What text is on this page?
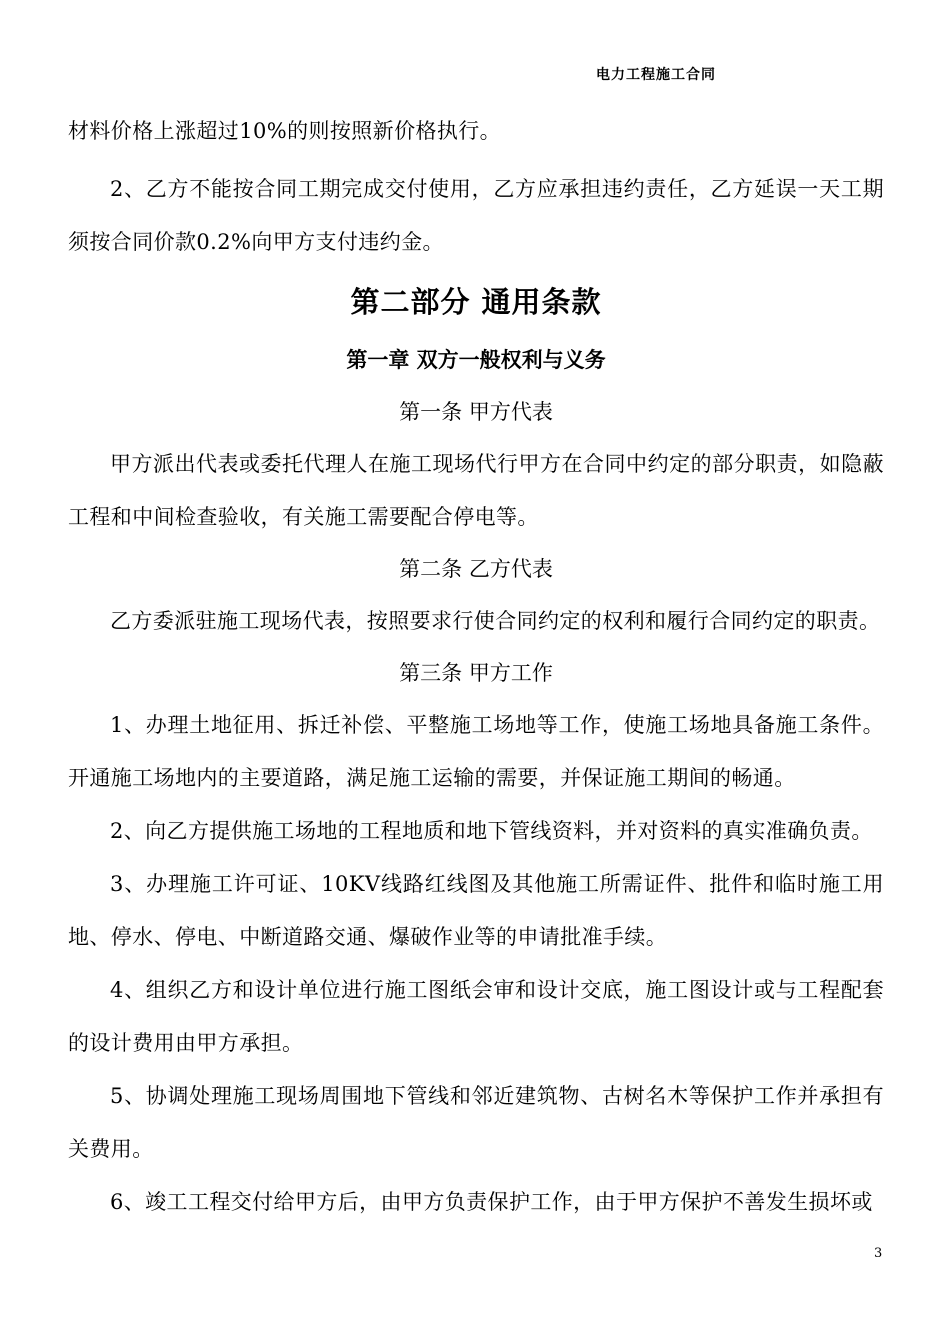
电力工程施工合同

材料价格上涨超过10%的则按照新价格执行。

2、乙方不能按合同工期完成交付使用，乙方应承担违约责任，乙方延误一天工期须按合同价款0.2%向甲方支付违约金。

第二部分 通用条款
第一章 双方一般权利与义务
第一条 甲方代表

甲方派出代表或委托代理人在施工现场代行甲方在合同中约定的部分职责，如隐蔽工程和中间检查验收，有关施工需要配合停电等。

第二条 乙方代表

乙方委派驻施工现场代表，按照要求行使合同约定的权利和履行合同约定的职责。

第三条 甲方工作

1、办理土地征用、拆迁补偿、平整施工场地等工作，使施工场地具备施工条件。开通施工场地内的主要道路，满足施工运输的需要，并保证施工期间的畅通。

2、向乙方提供施工场地的工程地质和地下管线资料，并对资料的真实准确负责。

3、办理施工许可证、10KV线路红线图及其他施工所需证件、批件和临时施工用地、停水、停电、中断道路交通、爆破作业等的申请批准手续。

4、组织乙方和设计单位进行施工图纸会审和设计交底，施工图设计或与工程配套的设计费用由甲方承担。

5、协调处理施工现场周围地下管线和邻近建筑物、古树名木等保护工作并承担有关费用。

6、竣工工程交付给甲方后，由甲方负责保护工作，由于甲方保护不善发生损坏或

3
